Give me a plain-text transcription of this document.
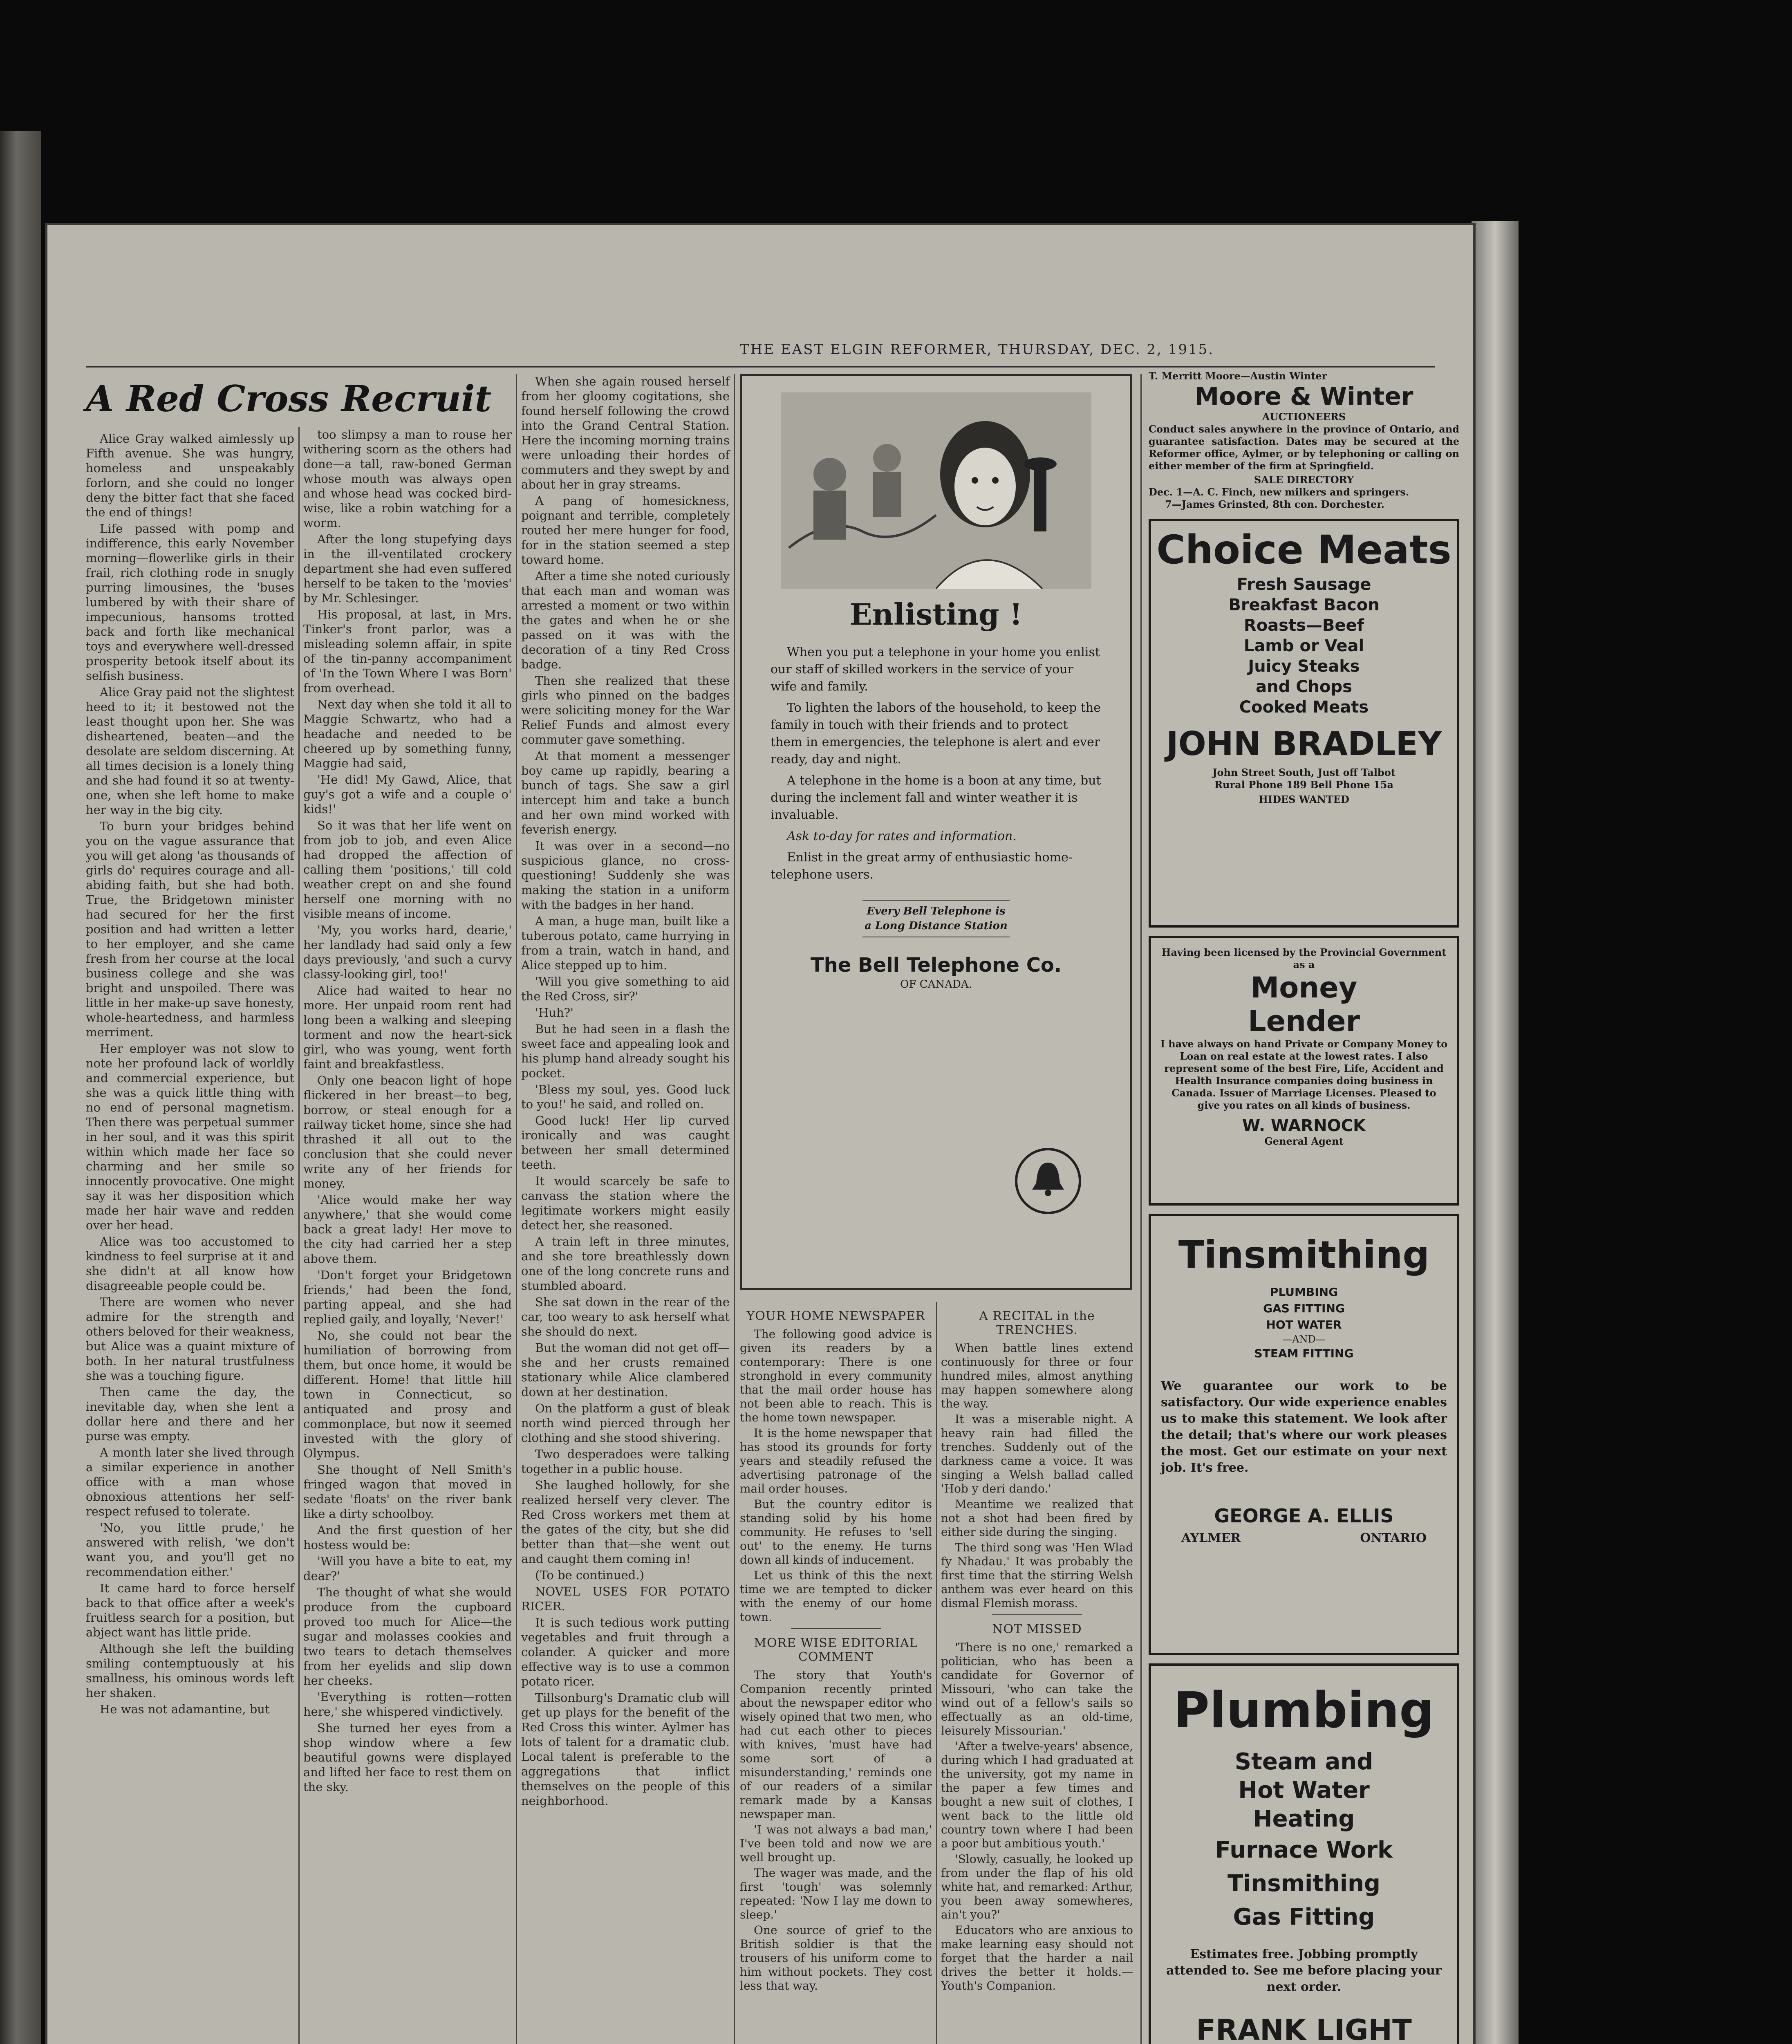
THE EAST ELGIN REFORMER, THURSDAY, DEC. 2, 1915.
A Red Cross Recruit

Alice Gray walked aimlessly up Fifth avenue. She was hungry, homeless and unspeakably forlorn, and she could no longer deny the bitter fact that she faced the end of things!

Life passed with pomp and indifference, this early November morning—flowerlike girls in their frail, rich clothing rode in snugly purring limousines, the 'buses lumbered by with their share of impecunious, hansoms trotted back and forth like mechanical toys and everywhere well-dressed prosperity betook itself about its selfish business.

Alice Gray paid not the slightest heed to it; it bestowed not the least thought upon her. She was disheartened, beaten—and the desolate are seldom discerning. At all times decision is a lonely thing and she had found it so at twenty-one, when she left home to make her way in the big city.

To burn your bridges behind you on the vague assurance that you will get along 'as thousands of girls do' requires courage and all-abiding faith, but she had both. True, the Bridgetown minister had secured for her the first position and had written a letter to her employer, and she came fresh from her course at the local business college and she was bright and unspoiled. There was little in her make-up save honesty, whole-heartedness, and harmless merriment.

Her employer was not slow to note her profound lack of worldly and commercial experience, but she was a quick little thing with no end of personal magnetism. Then there was perpetual summer in her soul, and it was this spirit within which made her face so charming and her smile so innocently provocative. One might say it was her disposition which made her hair wave and redden over her head.

Alice was too accustomed to kindness to feel surprise at it and she didn't at all know how disagreeable people could be.

There are women who never admire for the strength and others beloved for their weakness, but Alice was a quaint mixture of both. In her natural trustfulness she was a touching figure.

Then came the day, the inevitable day, when she lent a dollar here and there and her purse was empty.

A month later she lived through a similar experience in another office with a man whose obnoxious attentions her self-respect refused to tolerate.

'No, you little prude,' he answered with relish, 'we don't want you, and you'll get no recommendation either.'

It came hard to force herself back to that office after a week's fruitless search for a position, but abject want has little pride.

Although she left the building smiling contemptuously at his smallness, his ominous words left her shaken.

He was not adamantine, but

too slimpsy a man to rouse her withering scorn as the others had done—a tall, raw-boned German whose mouth was always open and whose head was cocked bird-wise, like a robin watching for a worm.

After the long stupefying days in the ill-ventilated crockery department she had even suffered herself to be taken to the 'movies' by Mr. Schlesinger.

His proposal, at last, in Mrs. Tinker's front parlor, was a misleading solemn affair, in spite of the tin-panny accompaniment of 'In the Town Where I was Born' from overhead.

Next day when she told it all to Maggie Schwartz, who had a headache and needed to be cheered up by something funny, Maggie had said,

'He did! My Gawd, Alice, that guy's got a wife and a couple o' kids!'

So it was that her life went on from job to job, and even Alice had dropped the affection of calling them 'positions,' till cold weather crept on and she found herself one morning with no visible means of income.

'My, you works hard, dearie,' her landlady had said only a few days previously, 'and such a curvy classy-looking girl, too!'

Alice had waited to hear no more. Her unpaid room rent had long been a walking and sleeping torment and now the heart-sick girl, who was young, went forth faint and breakfastless.

Only one beacon light of hope flickered in her breast—to beg, borrow, or steal enough for a railway ticket home, since she had thrashed it all out to the conclusion that she could never write any of her friends for money.

'Alice would make her way anywhere,' that she would come back a great lady! Her move to the city had carried her a step above them.

'Don't forget your Bridgetown friends,' had been the fond, parting appeal, and she had replied gaily, and loyally, 'Never!'

No, she could not bear the humiliation of borrowing from them, but once home, it would be different. Home! that little hill town in Connecticut, so antiquated and prosy and commonplace, but now it seemed invested with the glory of Olympus.

She thought of Nell Smith's fringed wagon that moved in sedate 'floats' on the river bank like a dirty schoolboy.

And the first question of her hostess would be:

'Will you have a bite to eat, my dear?'

The thought of what she would produce from the cupboard proved too much for Alice—the sugar and molasses cookies and two tears to detach themselves from her eyelids and slip down her cheeks.

'Everything is rotten—rotten here,' she whispered vindictively.

She turned her eyes from a shop window where a few beautiful gowns were displayed and lifted her face to rest them on the sky.

When she again roused herself from her gloomy cogitations, she found herself following the crowd into the Grand Central Station. Here the incoming morning trains were unloading their hordes of commuters and they swept by and about her in gray streams.

A pang of homesickness, poignant and terrible, completely routed her mere hunger for food, for in the station seemed a step toward home.

After a time she noted curiously that each man and woman was arrested a moment or two within the gates and when he or she passed on it was with the decoration of a tiny Red Cross badge.

Then she realized that these girls who pinned on the badges were soliciting money for the War Relief Funds and almost every commuter gave something.

At that moment a messenger boy came up rapidly, bearing a bunch of tags. She saw a girl intercept him and take a bunch and her own mind worked with feverish energy.

It was over in a second—no suspicious glance, no cross-questioning! Suddenly she was making the station in a uniform with the badges in her hand.

A man, a huge man, built like a tuberous potato, came hurrying in from a train, watch in hand, and Alice stepped up to him.

'Will you give something to aid the Red Cross, sir?'

'Huh?'

But he had seen in a flash the sweet face and appealing look and his plump hand already sought his pocket.

'Bless my soul, yes. Good luck to you!' he said, and rolled on.

Good luck! Her lip curved ironically and was caught between her small determined teeth.

It would scarcely be safe to canvass the station where the legitimate workers might easily detect her, she reasoned.

A train left in three minutes, and she tore breathlessly down one of the long concrete runs and stumbled aboard.

She sat down in the rear of the car, too weary to ask herself what she should do next.

But the woman did not get off—she and her crusts remained stationary while Alice clambered down at her destination.

On the platform a gust of bleak north wind pierced through her clothing and she stood shivering.

Two desperadoes were talking together in a public house.

She laughed hollowly, for she realized herself very clever. The Red Cross workers met them at the gates of the city, but she did better than that—she went out and caught them coming in!

(To be continued.)

NOVEL USES FOR POTATO RICER.

It is such tedious work putting vegetables and fruit through a colander. A quicker and more effective way is to use a common potato ricer.

Tillsonburg's Dramatic club will get up plays for the benefit of the Red Cross this winter. Aylmer has lots of talent for a dramatic club. Local talent is preferable to the aggregations that inflict themselves on the people of this neighborhood.

Enlisting !

When you put a telephone in your home you enlist our staff of skilled workers in the service of your wife and family.

To lighten the labors of the household, to keep the family in touch with their friends and to protect them in emergencies, the telephone is alert and ever ready, day and night.

A telephone in the home is a boon at any time, but during the inclement fall and winter weather it is invaluable.

Ask to-day for rates and information.

Enlist in the great army of enthusiastic home-telephone users.

Every Bell Telephone is a Long Distance Station
The Bell Telephone Co.
OF CANADA.
YOUR HOME NEWSPAPER

The following good advice is given its readers by a contemporary: There is one stronghold in every community that the mail order house has not been able to reach. This is the home town newspaper.

It is the home newspaper that has stood its grounds for forty years and steadily refused the advertising patronage of the mail order houses.

But the country editor is standing solid by his home community. He refuses to 'sell out' to the enemy. He turns down all kinds of inducement.

Let us think of this the next time we are tempted to dicker with the enemy of our home town.

MORE WISE EDITORIAL COMMENT

The story that Youth's Companion recently printed about the newspaper editor who wisely opined that two men, who had cut each other to pieces with knives, 'must have had some sort of a misunderstanding,' reminds one of our readers of a similar remark made by a Kansas newspaper man.

'I was not always a bad man,' I've been told and now we are well brought up.

The wager was made, and the first 'tough' was solemnly repeated: 'Now I lay me down to sleep.'

One source of grief to the British soldier is that the trousers of his uniform come to him without pockets. They cost less that way.

A RECITAL in the TRENCHES.

When battle lines extend continuously for three or four hundred miles, almost anything may happen somewhere along the way.

It was a miserable night. A heavy rain had filled the trenches. Suddenly out of the darkness came a voice. It was singing a Welsh ballad called 'Hob y deri dando.'

Meantime we realized that not a shot had been fired by either side during the singing.

The third song was 'Hen Wlad fy Nhadau.' It was probably the first time that the stirring Welsh anthem was ever heard on this dismal Flemish morass.

NOT MISSED

'There is no one,' remarked a politician, who has been a candidate for Governor of Missouri, 'who can take the wind out of a fellow's sails so effectually as an old-time, leisurely Missourian.'

'After a twelve-years' absence, during which I had graduated at the university, got my name in the paper a few times and bought a new suit of clothes, I went back to the little old country town where I had been a poor but ambitious youth.'

'Slowly, casually, he looked up from under the flap of his old white hat, and remarked: Arthur, you been away somewheres, ain't you?'

Educators who are anxious to make learning easy should not forget that the harder a nail drives the better it holds.—Youth's Companion.

T. Merritt Moore—Austin Winter
Moore & Winter
AUCTIONEERS
Conduct sales anywhere in the province of Ontario, and guarantee satisfaction. Dates may be secured at the Reformer office, Aylmer, or by telephoning or calling on either member of the firm at Springfield.
SALE DIRECTORY
Dec. 1—A. C. Finch, new milkers and springers.
7—James Grinsted, 8th con. Dorchester.
Choice Meats
Fresh Sausage
Breakfast Bacon
Roasts—Beef
Lamb or Veal
Juicy Steaks
and Chops
Cooked Meats
JOHN BRADLEY
John Street South, Just off Talbot
Rural Phone 189 Bell Phone 15a
HIDES WANTED
Having been licensed by the Provincial Government as a
Money
Lender
I have always on hand Private or Company Money to Loan on real estate at the lowest rates. I also represent some of the best Fire, Life, Accident and Health Insurance companies doing business in Canada. Issuer of Marriage Licenses. Pleased to give you rates on all kinds of business.
W. WARNOCK
General Agent
Tinsmithing
PLUMBING
GAS FITTING
HOT WATER
—AND—
STEAM FITTING
We guarantee our work to be satisfactory. Our wide experience enables us to make this statement. We look after the detail; that's where our work pleases the most. Get our estimate on your next job. It's free.
GEORGE A. ELLIS
AYLMER	ONTARIO
Plumbing
Steam and
Hot Water
Heating
Furnace Work
Tinsmithing
Gas Fitting
Estimates free. Jobbing promptly attended to. See me before placing your next order.
FRANK LIGHT
